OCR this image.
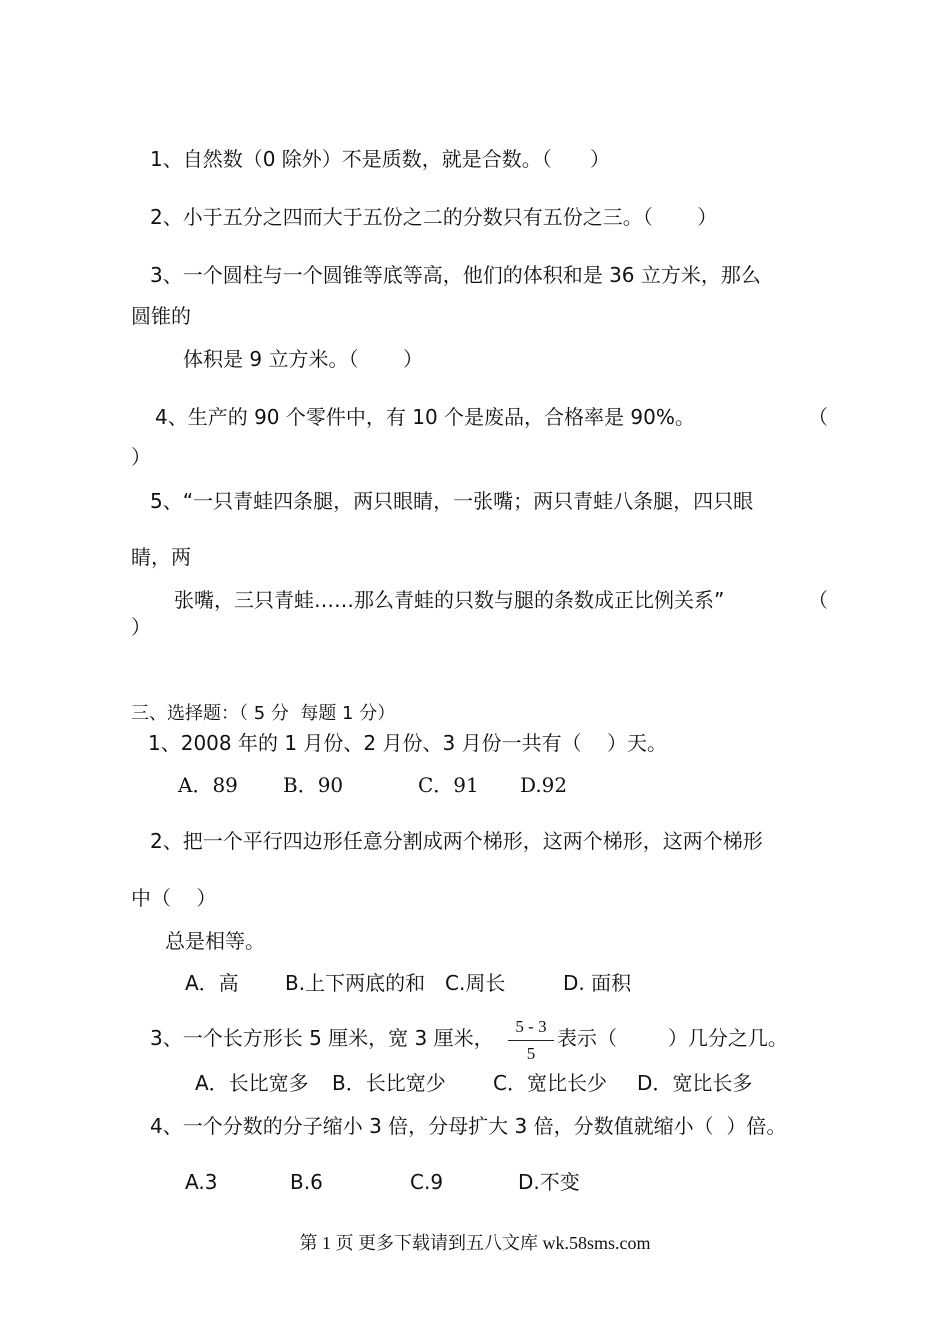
1、自然数（0 除外）不是质数，就是合数。（      ）
2、小于五分之四而大于五份之二的分数只有五份之三。（       ）
3、一个圆柱与一个圆锥等底等高，他们的体积和是 36 立方米，那么
圆锥的
体积是 9 立方米。（       ）
4、生产的 90 个零件中，有 10 个是废品，合格率是 90%。	（
）
5、“一只青蛙四条腿，两只眼睛，一张嘴；两只青蛙八条腿，四只眼
睛，两
张嘴，三只青蛙……那么青蛙的只数与腿的条数成正比例关系”	（
）
三、选择题：（ 5 分  每题 1 分）
1、2008 年的 1 月份、2 月份、3 月份一共有（    ）天。
A．89 B．90	C．91 D.92
2、把一个平行四边形任意分割成两个梯形，这两个梯形，这两个梯形
中（    ）
总是相等。
A．高 B.上下两底的和 C.周长	D. 面积
3、一个长方形长 5 厘米，宽 3 厘米， $\frac{5 - 3}{5}$ 表示（        ）几分之几。
A．长比宽多 B．长比宽少 C．宽比长少 D．宽比长多
4、一个分数的分子缩小 3 倍，分母扩大 3 倍，分数值就缩小（  ）倍。
A.3	B.6	C.9	D.不变
第 1 页 更多下载请到五八文库 wk.58sms.com
